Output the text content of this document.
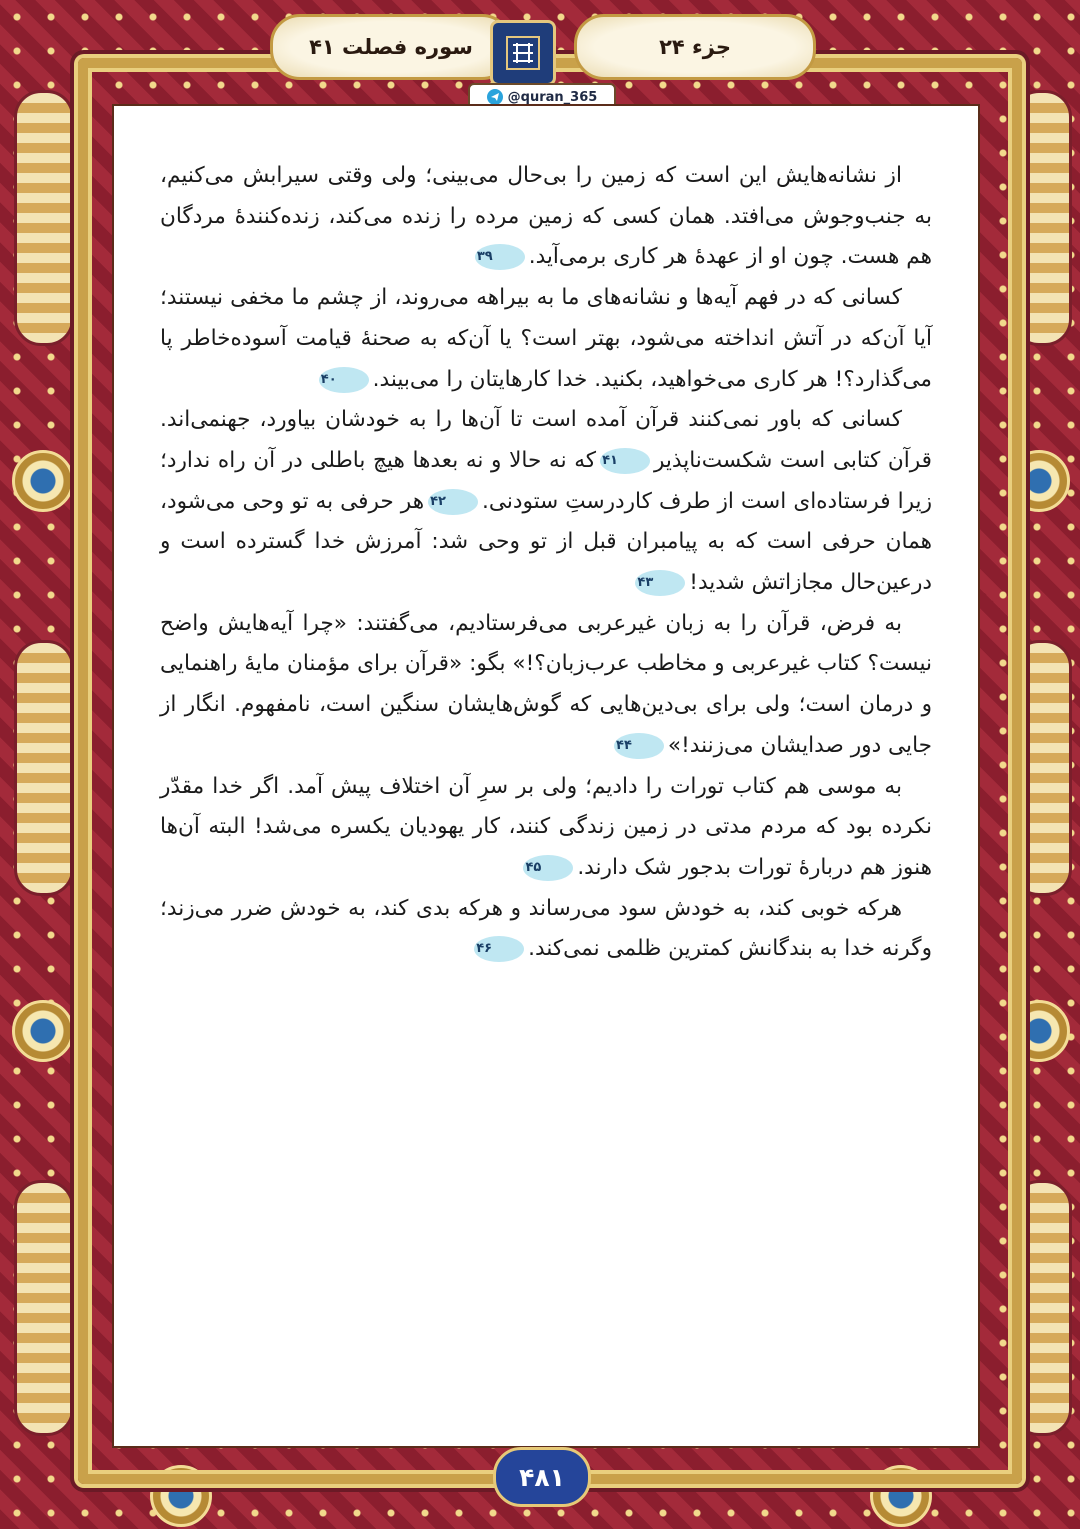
سوره فصلت ۴۱	جزء ۲۴
@quran_365

از نشانه‌هایش این است که زمین را بی‌حال می‌بینی؛ ولی وقتی سیرابش می‌کنیم، به جنب‌وجوش می‌افتد. همان کسی که زمین مرده را زنده می‌کند، زنده‌کنندهٔ مردگان هم هست. چون او از عهدهٔ هر کاری برمی‌آید.۳۹

کسانی که در فهم آیه‌ها و نشانه‌های ما به بیراهه می‌روند، از چشم ما مخفی نیستند؛ آیا آن‌که در آتش انداخته می‌شود، بهتر است؟ یا آن‌که به صحنهٔ قیامت آسوده‌خاطر پا می‌گذارد؟! هر کاری می‌خواهید، بکنید. خدا کارهایتان را می‌بیند.۴۰

کسانی که باور نمی‌کنند قرآن آمده است تا آن‌ها را به خودشان بیاورد، جهنمی‌اند. قرآن کتابی است شکست‌ناپذیر۴۱که نه حالا و نه بعدها هیچ باطلی در آن راه ندارد؛ زیرا فرستاده‌ای است از طرف کاردرستِ ستودنی.۴۲هر حرفی به تو وحی می‌شود، همان حرفی است که به پیامبران قبل از تو وحی شد: آمرزش خدا گسترده است و درعین‌حال مجازاتش شدید!۴۳

به فرض، قرآن را به زبان غیرعربی می‌فرستادیم، می‌گفتند: «چرا آیه‌هایش واضح نیست؟ کتاب غیرعربی و مخاطب عرب‌زبان؟!» بگو: «قرآن برای مؤمنان مایهٔ راهنمایی و درمان است؛ ولی برای بی‌دین‌هایی که گوش‌هایشان سنگین است، نامفهوم. انگار از جایی دور صدایشان می‌زنند!»۴۴

به موسی هم کتاب تورات را دادیم؛ ولی بر سرِ آن اختلاف پیش آمد. اگر خدا مقدّر نکرده بود که مردم مدتی در زمین زندگی کنند، کار یهودیان یکسره می‌شد! البته آن‌ها هنوز هم دربارهٔ تورات بدجور شک دارند.۴۵

هرکه خوبی کند، به خودش سود می‌رساند و هرکه بدی کند، به خودش ضرر می‌زند؛ وگرنه خدا به بندگانش کمترین ظلمی نمی‌کند.۴۶

۴۸۱
